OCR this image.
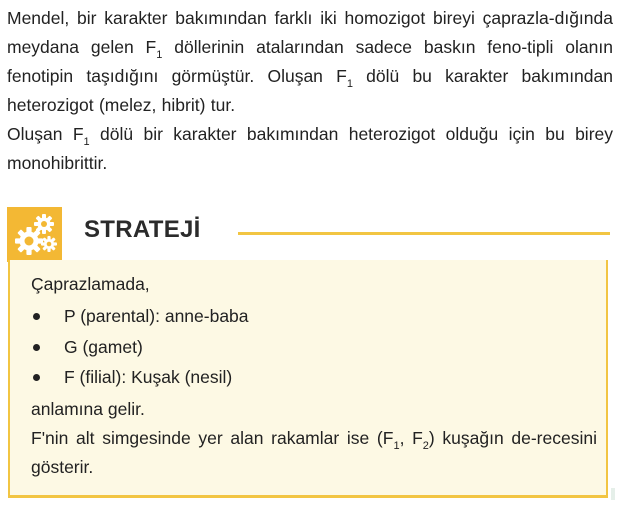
Mendel, bir karakter bakımından farklı iki homozigot bireyi çaprazla-dığında meydana gelen $F_1$ döllerinin atalarından sadece baskın feno-tipli olanın fenotipin taşıdığını görmüştür. Oluşan $F_1$ dölü bu karakter bakımından heterozigot (melez, hibrit) tur.

Oluşan $F_1$ dölü bir karakter bakımından heterozigot olduğu için bu birey monohibrittir.

STRATEJİ

Çaprazlamada,

P (parental): anne-baba
G (gamet)
F (filial): Kuşak (nesil)

anlamına gelir.

F'nin alt simgesinde yer alan rakamlar ise ($F_1$, $F_2$) kuşağın de-recesini gösterir.
